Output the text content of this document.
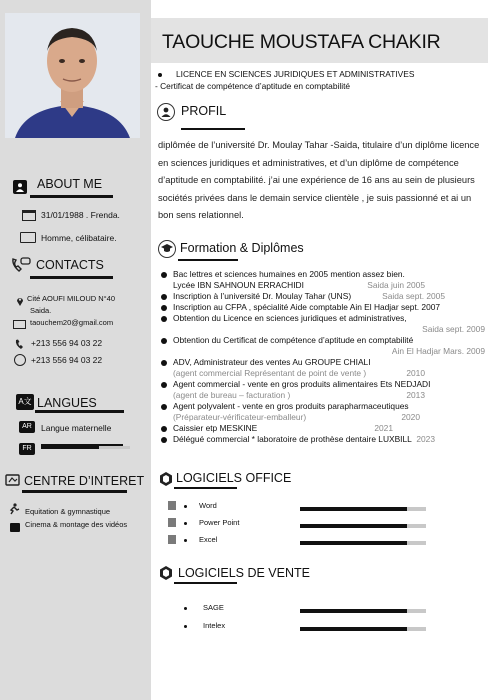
TAOUCHE MOUSTAFA CHAKIR
LICENCE EN SCIENCES JURIDIQUES ET ADMINISTRATIVES
- Certificat de compétence d’aptitude en comptabilité
PROFIL
diplômée de l’université Dr. Moulay Tahar -Saida, titulaire d’un diplôme licence en sciences juridiques et administratives, et d’un diplôme de compétence d’aptitude en comptabilité. j’ai une expérience de 16 ans au sein de plusieurs sociétés privées dans le demain service clientèle , je suis passionné et ai un bon sens relationnel.
ABOUT ME
31/01/1988 . Frenda.
Homme, célibataire.
CONTACTS
Cité AOUFI MILOUD N°40
Saida.
taouchem20@gmail.com
+213 556 94 03 22
+213 556 94 03 22
A文 LANGUES
AR	Langue maternelle
FR
CENTRE D’INTERET
Equitation & gymnastique
Cinema & montage des vidéos
Formation & Diplômes
Bac lettres et sciences humaines en 2005 mention assez bien.
Lycée IBN SAHNOUN ERRACHIDI	Saida juin 2005
Inscription à l’université Dr. Moulay Tahar (UNS)	Saida sept. 2005
Inscription au CFPA , spécialité Aide comptable Ain El Hadjar sept. 2007
Obtention du Licence en sciences juridiques et administratives,
Saida sept. 2009
Obtention du Certificat de compétence d’aptitude en comptabilité
Ain El Hadjar Mars. 2009
ADV, Administrateur des ventes Au GROUPE CHIALI
(agent commercial Représentant de point de vente )	2010
Agent commercial - vente en gros produits alimentaires Ets NEDJADI
(agent de bureau – facturation )	2013
Agent polyvalent - vente en gros produits parapharmaceutiques
(Préparateur-vérificateur-emballeur)	2020
Caissier etp MESKINE	2021
Délégué commercial * laboratoire de prothèse dentaire LUXBILL 2023
LOGICIELS OFFICE
Word
Power Point
Excel
LOGICIELS DE VENTE
SAGE
Intelex
